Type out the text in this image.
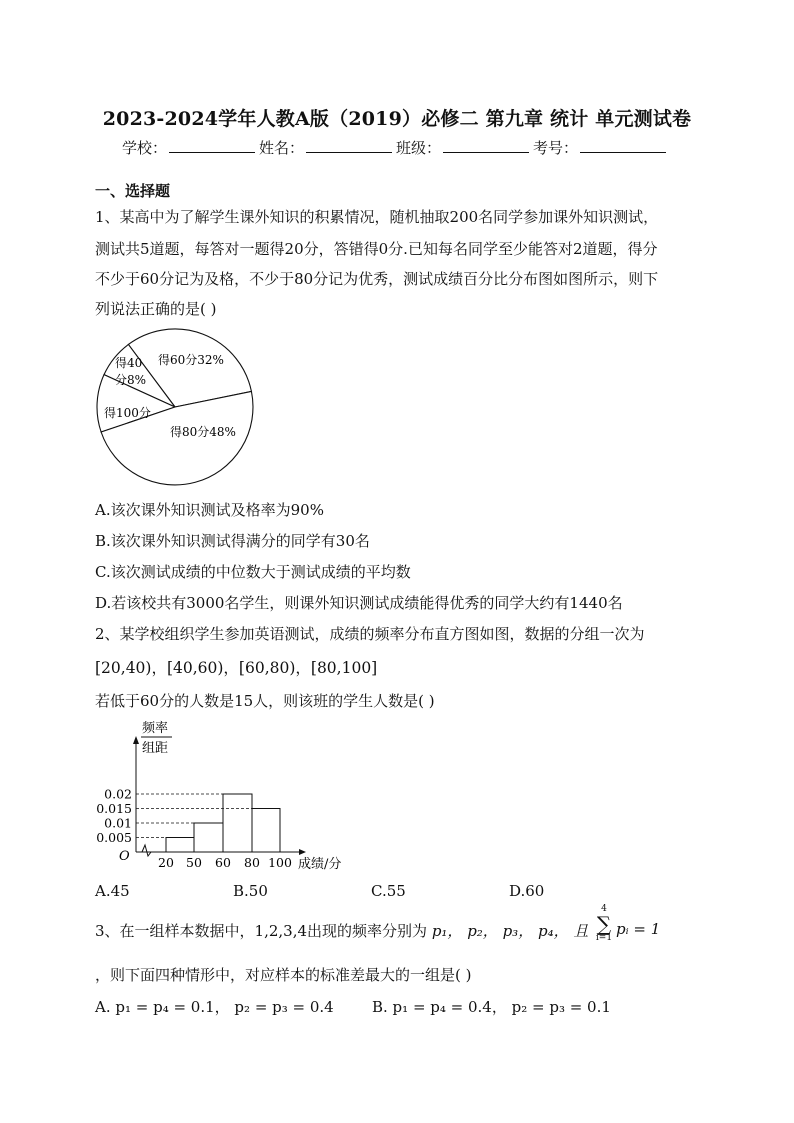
2023-2024学年人教A版（2019）必修二 第九章 统计 单元测试卷
学校：	姓名：	班级：	考号：
一、选择题
1、某高中为了解学生课外知识的积累情况，随机抽取200名同学参加课外知识测试，
测试共5道题，每答对一题得20分，答错得0分.已知每名同学至少能答对2道题，得分
不少于60分记为及格，不少于80分记为优秀，测试成绩百分比分布图如图所示，则下
列说法正确的是( )
得60分32%
得80分48%
得100分
得40
分8%
A.该次课外知识测试及格率为90%
B.该次课外知识测试得满分的同学有30名
C.该次测试成绩的中位数大于测试成绩的平均数
D.若该校共有3000名学生，则课外知识测试成绩能得优秀的同学大约有1440名
2、某学校组织学生参加英语测试，成绩的频率分布直方图如图，数据的分组一次为
[20,40)，[40,60)，[60,80)，[80,100]
若低于60分的人数是15人，则该班的学生人数是( )
频率
组距
O
0.02
0.015
0.01
0.005
20 50 60 80 100 成绩/分
A.45	B.50	C.55	D.60
3、在一组样本数据中，1,2,3,4出现的频率分别为 p₁， p₂， p₃， p₄， 且
4
∑
i=1 pᵢ = 1
，则下面四种情形中，对应样本的标准差最大的一组是( )
A. p₁ = p₄ = 0.1， p₂ = p₃ = 0.4	B. p₁ = p₄ = 0.4， p₂ = p₃ = 0.1
